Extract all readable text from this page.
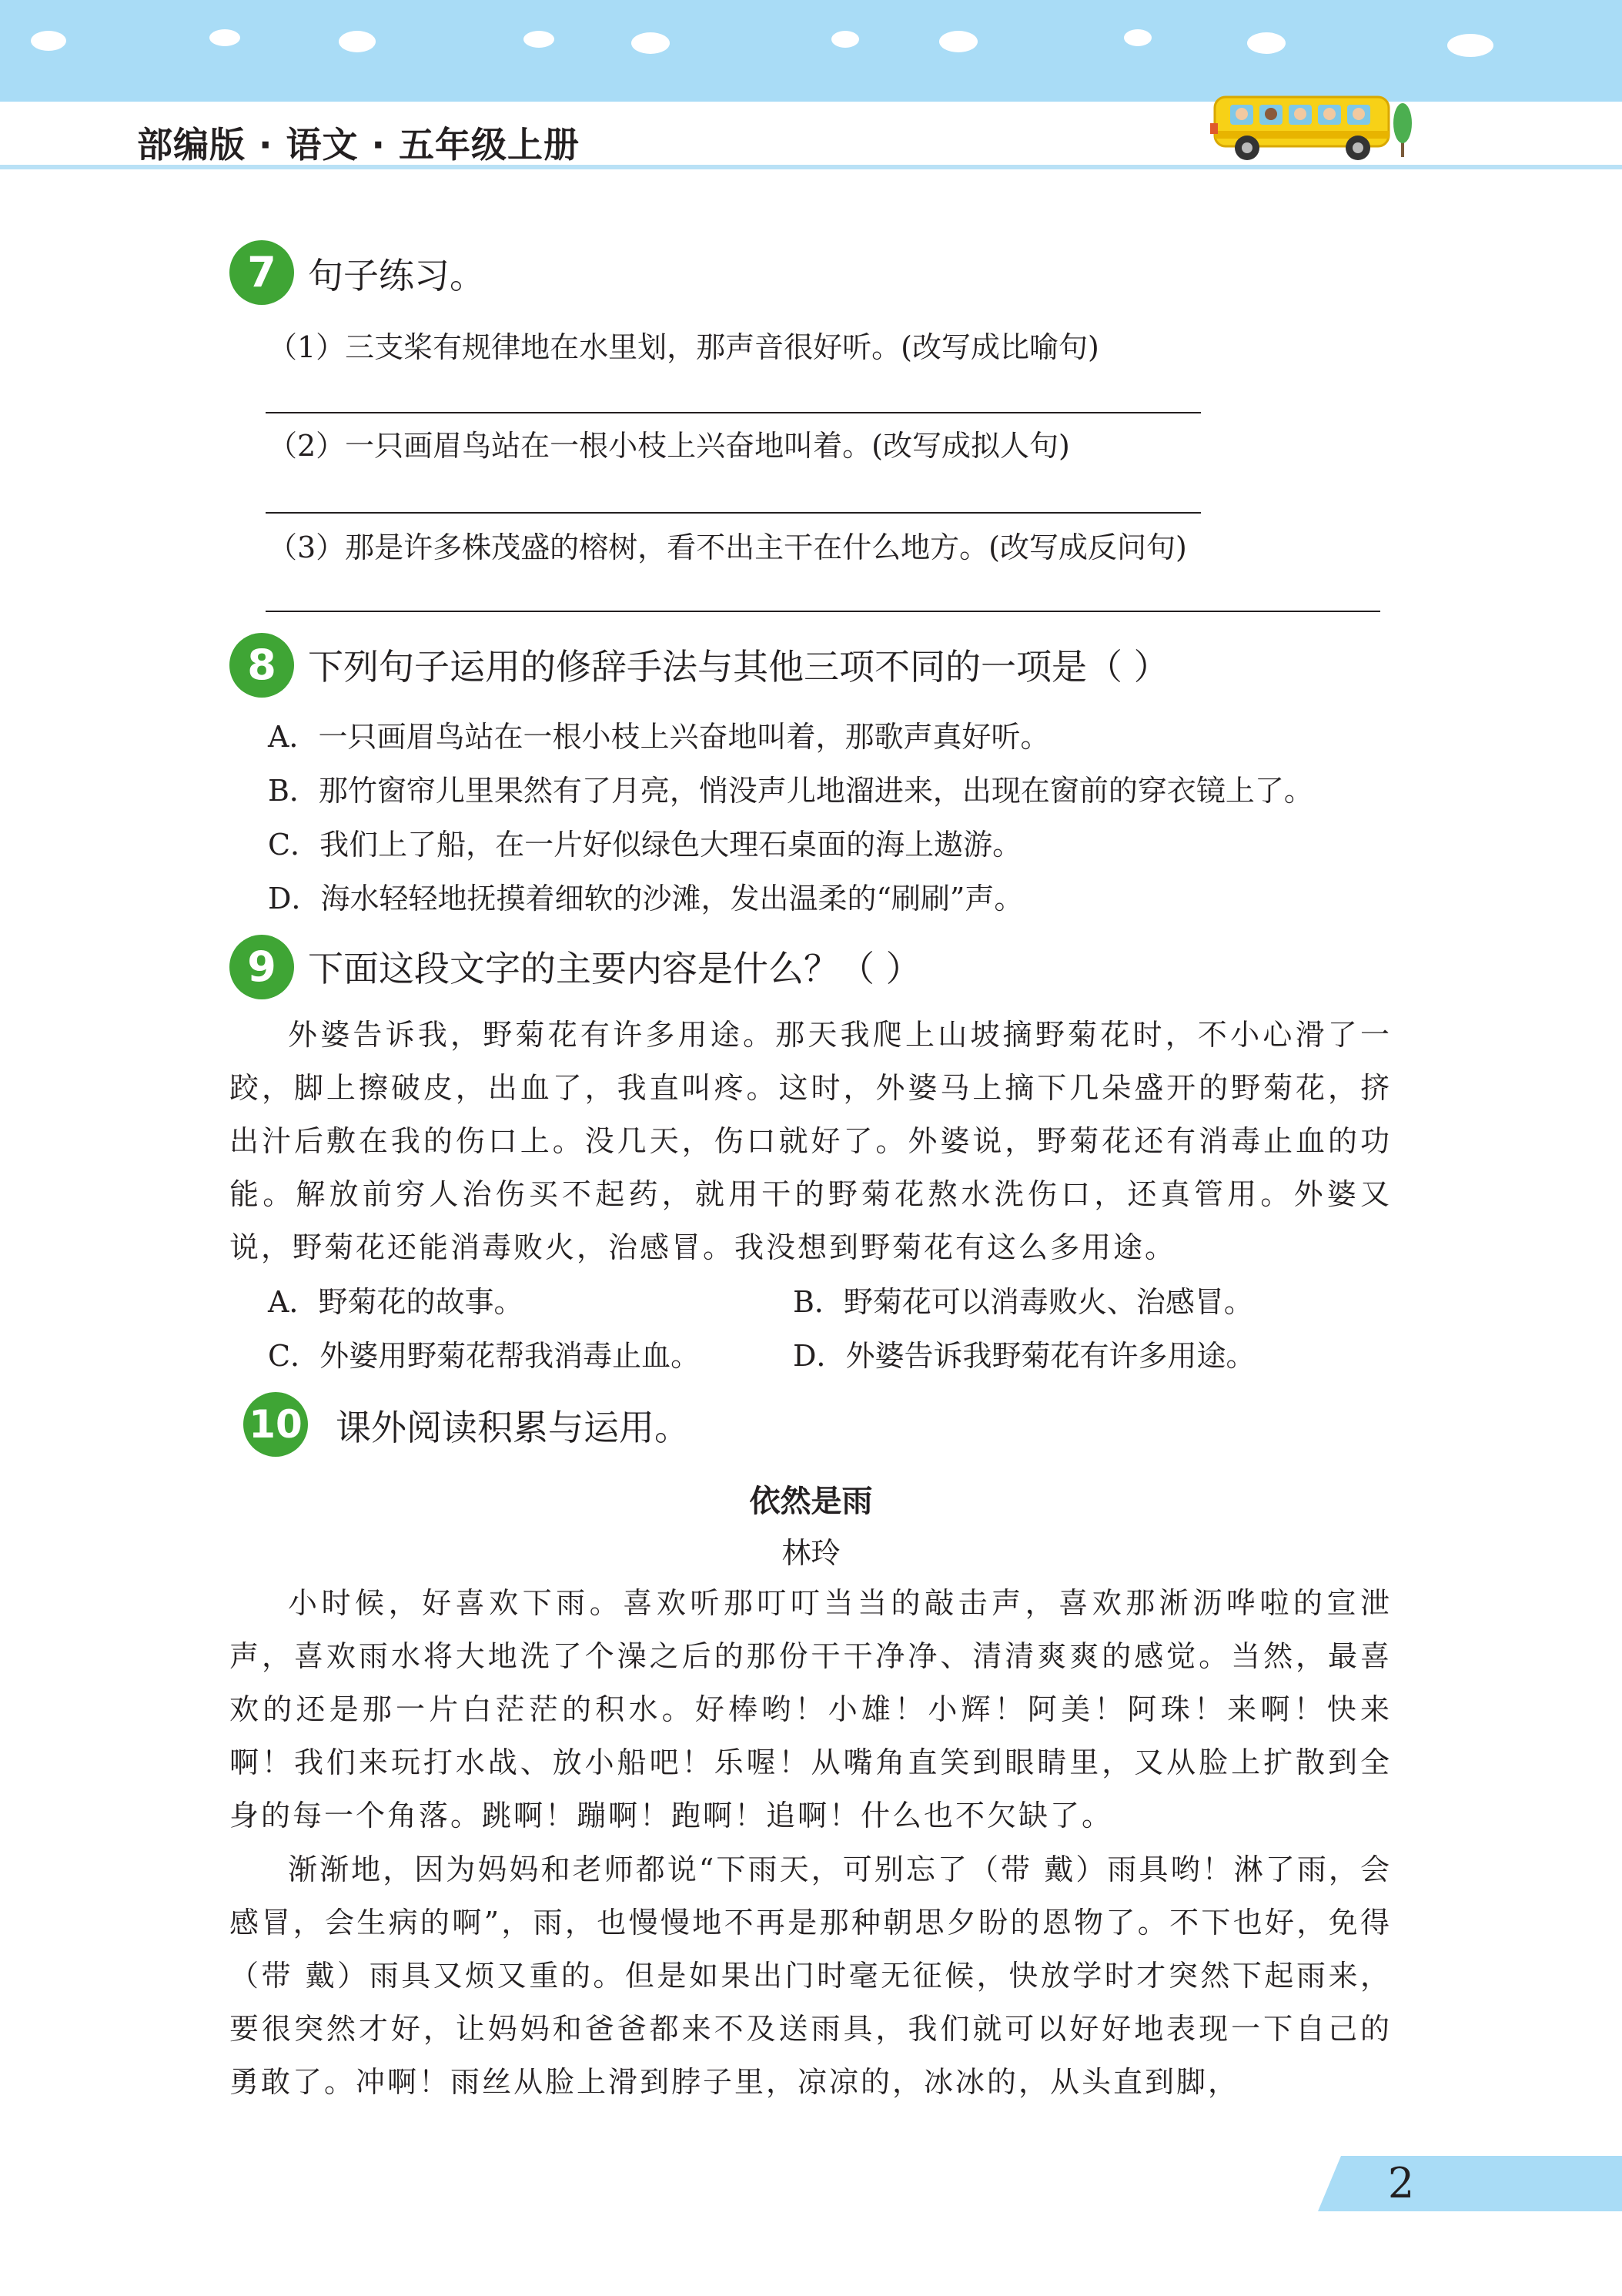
部编版 · 语文 · 五年级上册
7 句子练习。
（1）三支桨有规律地在水里划，那声音很好听。(改写成比喻句)
（2）一只画眉鸟站在一根小枝上兴奋地叫着。(改写成拟人句)
（3）那是许多株茂盛的榕树，看不出主干在什么地方。(改写成反问句)
8 下列句子运用的修辞手法与其他三项不同的一项是（ ）
A．一只画眉鸟站在一根小枝上兴奋地叫着，那歌声真好听。
B．那竹窗帘儿里果然有了月亮，悄没声儿地溜进来，出现在窗前的穿衣镜上了。
C．我们上了船，在一片好似绿色大理石桌面的海上遨游。
D．海水轻轻地抚摸着细软的沙滩，发出温柔的“刷刷”声。
9 下面这段文字的主要内容是什么？（ ）
外婆告诉我，野菊花有许多用途。那天我爬上山坡摘野菊花时，不小心滑了一跤，脚上擦破皮，出血了，我直叫疼。这时，外婆马上摘下几朵盛开的野菊花，挤出汁后敷在我的伤口上。没几天，伤口就好了。外婆说，野菊花还有消毒止血的功能。解放前穷人治伤买不起药，就用干的野菊花熬水洗伤口，还真管用。外婆又说，野菊花还能消毒败火，治感冒。我没想到野菊花有这么多用途。
A．野菊花的故事。	B．野菊花可以消毒败火、治感冒。
C．外婆用野菊花帮我消毒止血。	D．外婆告诉我野菊花有许多用途。
10 课外阅读积累与运用。
依然是雨
林玲
小时候，好喜欢下雨。喜欢听那叮叮当当的敲击声，喜欢那淅沥哗啦的宣泄声，喜欢雨水将大地洗了个澡之后的那份干干净净、清清爽爽的感觉。当然，最喜欢的还是那一片白茫茫的积水。好棒哟！小雄！小辉！阿美！阿珠！来啊！快来啊！我们来玩打水战、放小船吧！乐喔！从嘴角直笑到眼睛里，又从脸上扩散到全身的每一个角落。跳啊！蹦啊！跑啊！追啊！什么也不欠缺了。
渐渐地，因为妈妈和老师都说“下雨天，可别忘了（带 戴）雨具哟！淋了雨，会感冒，会生病的啊”，雨，也慢慢地不再是那种朝思夕盼的恩物了。不下也好，免得（带 戴）雨具又烦又重的。但是如果出门时毫无征候，快放学时才突然下起雨来，要很突然才好，让妈妈和爸爸都来不及送雨具，我们就可以好好地表现一下自己的勇敢了。冲啊！雨丝从脸上滑到脖子里，凉凉的，冰冰的，从头直到脚，
2
